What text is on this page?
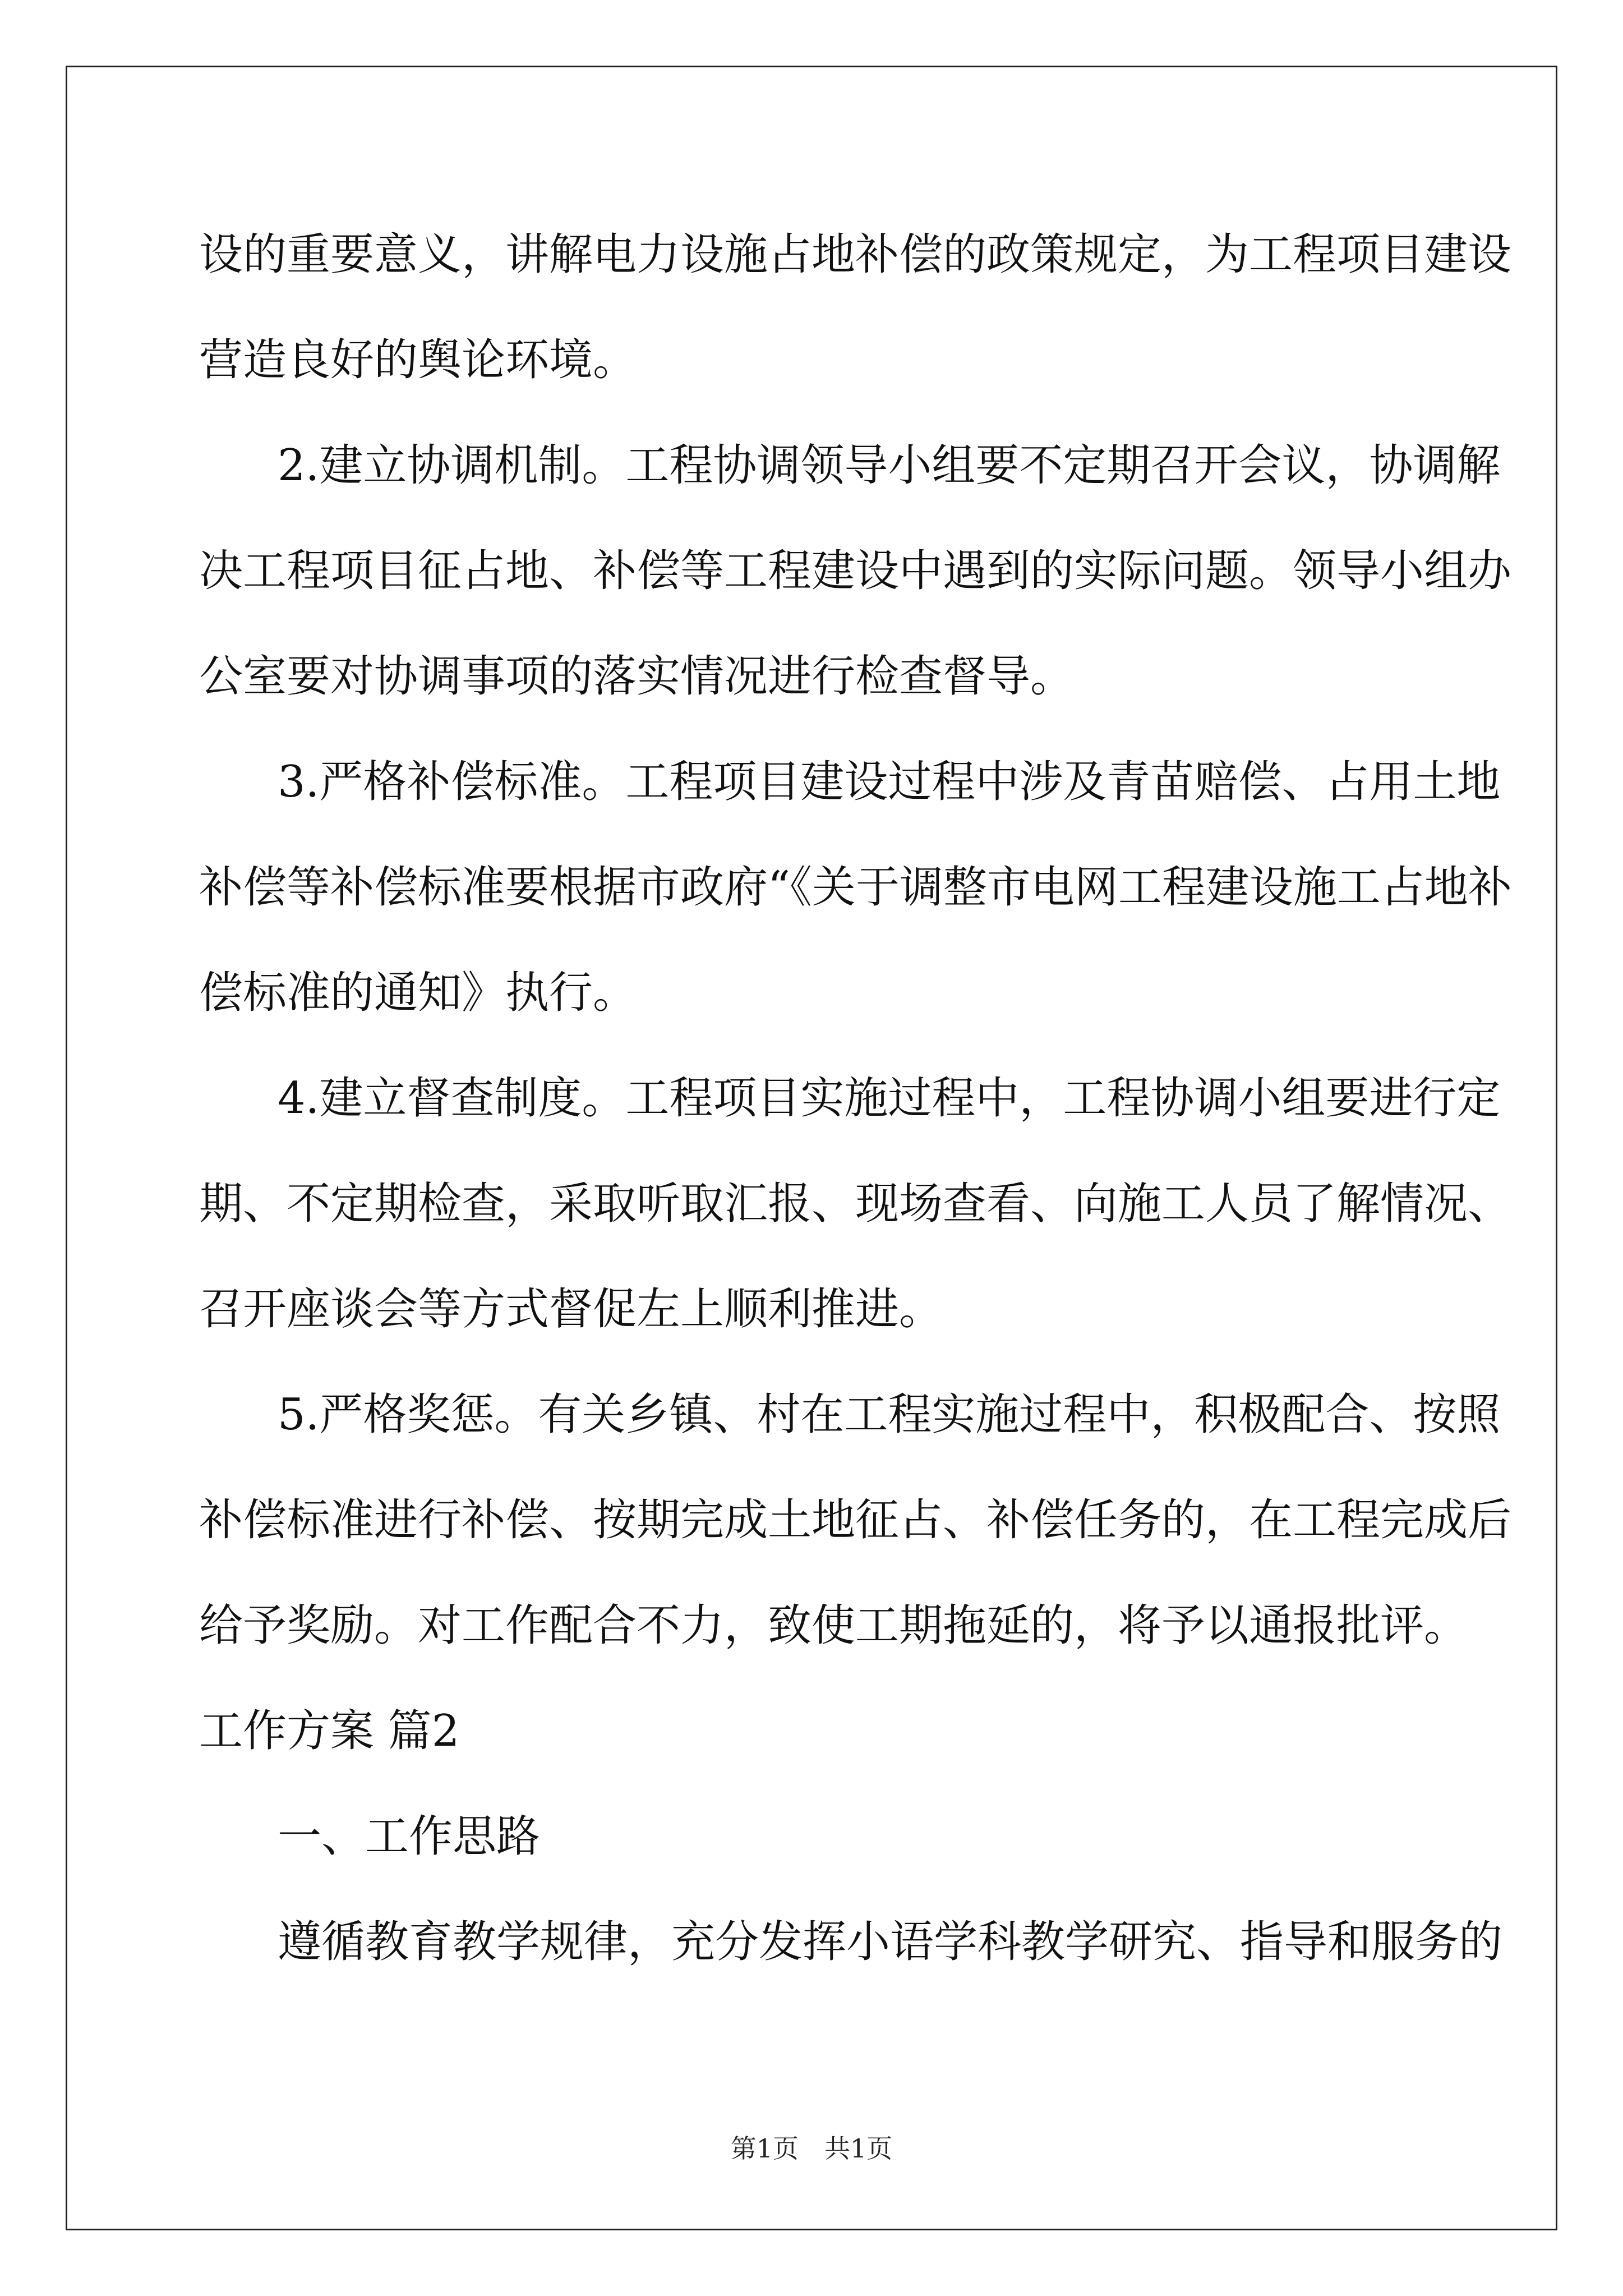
设的重要意义，讲解电力设施占地补偿的政策规定，为工程项目建设
营造良好的舆论环境。
2.建立协调机制。工程协调领导小组要不定期召开会议，协调解
决工程项目征占地、补偿等工程建设中遇到的实际问题。领导小组办
公室要对协调事项的落实情况进行检查督导。
3.严格补偿标准。工程项目建设过程中涉及青苗赔偿、占用土地
补偿等补偿标准要根据市政府“《关于调整市电网工程建设施工占地补
偿标准的通知》执行。
4.建立督查制度。工程项目实施过程中，工程协调小组要进行定
期、不定期检查，采取听取汇报、现场查看、向施工人员了解情况、
召开座谈会等方式督促左上顺利推进。
5.严格奖惩。有关乡镇、村在工程实施过程中，积极配合、按照
补偿标准进行补偿、按期完成土地征占、补偿任务的，在工程完成后
给予奖励。对工作配合不力，致使工期拖延的，将予以通报批评。
工作方案 篇2
一、工作思路
遵循教育教学规律，充分发挥小语学科教学研究、指导和服务的
第1页　共1页
